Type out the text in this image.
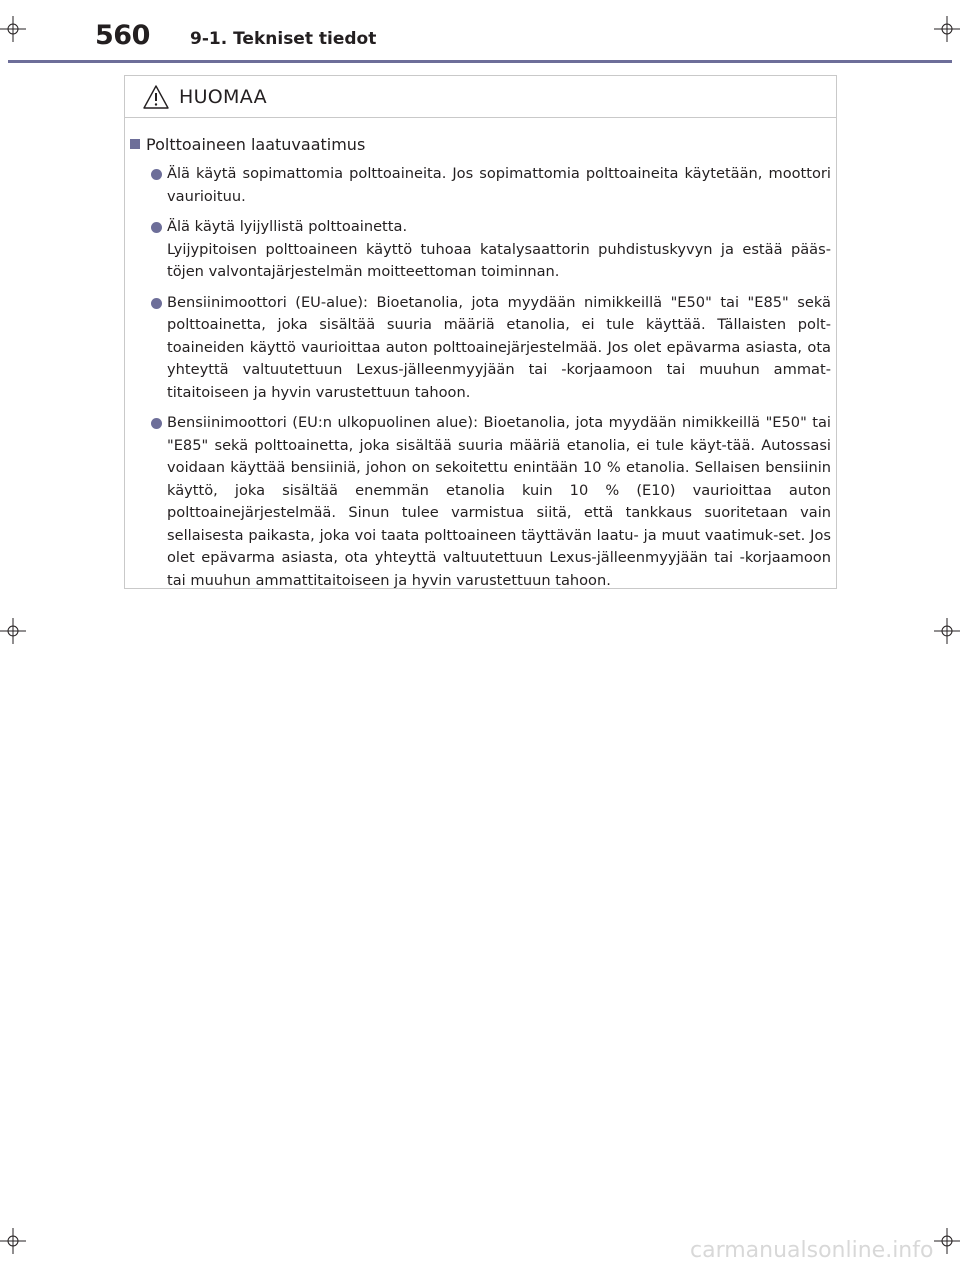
560 9-1. Tekniset tiedot
HUOMAA
Polttoaineen laatuvaatimus

Älä käytä sopimattomia polttoaineita. Jos sopimattomia polttoaineita käytetään, moottori vaurioituu.

Älä käytä lyijyllistä polttoainetta.

Lyijypitoisen polttoaineen käyttö tuhoaa katalysaattorin puhdistuskyvyn ja estää pääs-töjen valvontajärjestelmän moitteettoman toiminnan.

Bensiinimoottori (EU-alue): Bioetanolia, jota myydään nimikkeillä "E50" tai "E85" sekä polttoainetta, joka sisältää suuria määriä etanolia, ei tule käyttää. Tällaisten polt-toaineiden käyttö vaurioittaa auton polttoainejärjestelmää. Jos olet epävarma asiasta, ota yhteyttä valtuutettuun Lexus-jälleenmyyjään tai -korjaamoon tai muuhun ammat-titaitoiseen ja hyvin varustettuun tahoon.

Bensiinimoottori (EU:n ulkopuolinen alue): Bioetanolia, jota myydään nimikkeillä "E50" tai "E85" sekä polttoainetta, joka sisältää suuria määriä etanolia, ei tule käyt-tää. Autossasi voidaan käyttää bensiiniä, johon on sekoitettu enintään 10 % etanolia. Sellaisen bensiinin käyttö, joka sisältää enemmän etanolia kuin 10 % (E10) vaurioittaa auton polttoainejärjestelmää. Sinun tulee varmistua siitä, että tankkaus suoritetaan vain sellaisesta paikasta, joka voi taata polttoaineen täyttävän laatu- ja muut vaatimuk-set. Jos olet epävarma asiasta, ota yhteyttä valtuutettuun Lexus-jälleenmyyjään tai -korjaamoon tai muuhun ammattitaitoiseen ja hyvin varustettuun tahoon.

carmanualsonline.info
